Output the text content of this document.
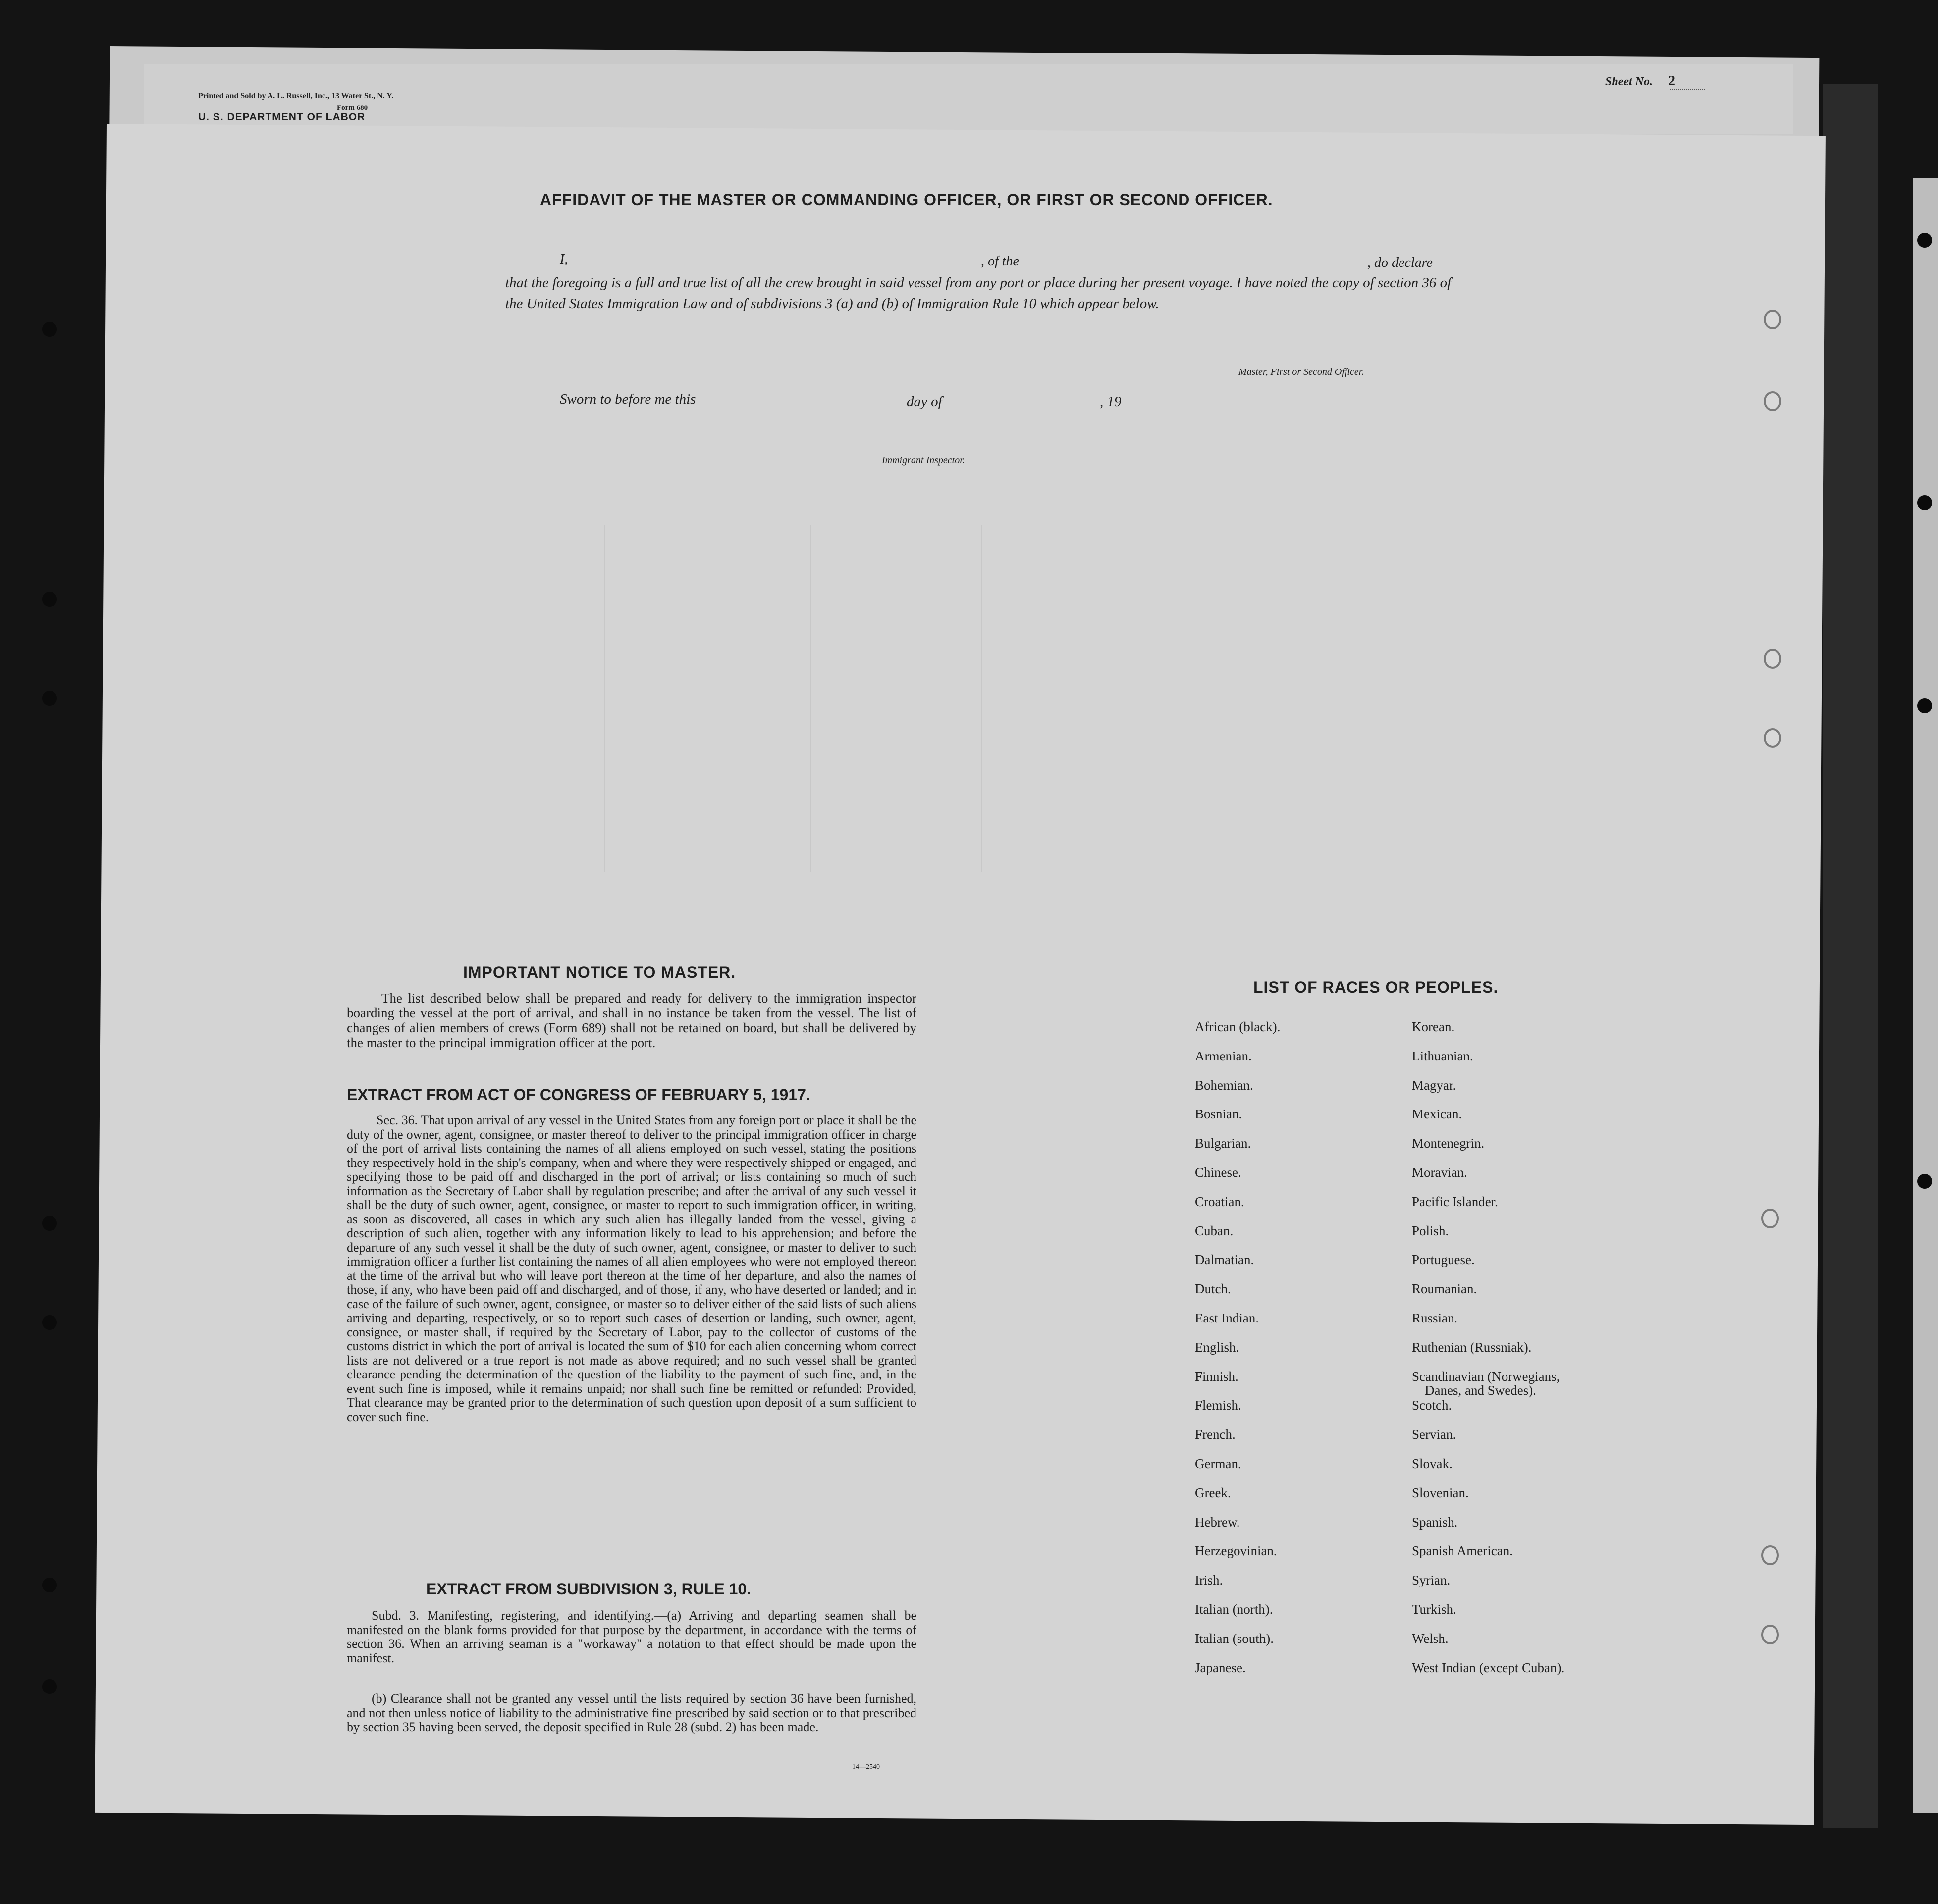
Printed and Sold by A. L. Russell, Inc., 13 Water St., N. Y.
Form 680
U. S. DEPARTMENT OF LABOR
Sheet No. 2
AFFIDAVIT OF THE MASTER OR COMMANDING OFFICER, OR FIRST OR SECOND OFFICER.
I,	, of the	, do declare
that the foregoing is a full and true list of all the crew brought in said vessel from any port or place during her present voyage. I have noted the copy of section 36 of the United States Immigration Law and of subdivisions 3 (a) and (b) of Immigration Rule 10 which appear below.
Master, First or Second Officer.
Sworn to before me this	day of	, 19
Immigrant Inspector.
IMPORTANT NOTICE TO MASTER.
The list described below shall be prepared and ready for delivery to the immigration inspector boarding the vessel at the port of arrival, and shall in no instance be taken from the vessel. The list of changes of alien members of crews (Form 689) shall not be retained on board, but shall be delivered by the master to the principal immigration officer at the port.
EXTRACT FROM ACT OF CONGRESS OF FEBRUARY 5, 1917.
Sec. 36. That upon arrival of any vessel in the United States from any foreign port or place it shall be the duty of the owner, agent, consignee, or master thereof to deliver to the principal immigration officer in charge of the port of arrival lists containing the names of all aliens employed on such vessel, stating the positions they respectively hold in the ship's company, when and where they were respectively shipped or engaged, and specifying those to be paid off and discharged in the port of arrival; or lists containing so much of such information as the Secretary of Labor shall by regulation prescribe; and after the arrival of any such vessel it shall be the duty of such owner, agent, consignee, or master to report to such immigration officer, in writing, as soon as discovered, all cases in which any such alien has illegally landed from the vessel, giving a description of such alien, together with any information likely to lead to his apprehension; and before the departure of any such vessel it shall be the duty of such owner, agent, consignee, or master to deliver to such immigration officer a further list containing the names of all alien employees who were not employed thereon at the time of the arrival but who will leave port thereon at the time of her departure, and also the names of those, if any, who have been paid off and discharged, and of those, if any, who have deserted or landed; and in case of the failure of such owner, agent, consignee, or master so to deliver either of the said lists of such aliens arriving and departing, respectively, or so to report such cases of desertion or landing, such owner, agent, consignee, or master shall, if required by the Secretary of Labor, pay to the collector of customs of the customs district in which the port of arrival is located the sum of $10 for each alien concerning whom correct lists are not delivered or a true report is not made as above required; and no such vessel shall be granted clearance pending the determination of the question of the liability to the payment of such fine, and, in the event such fine is imposed, while it remains unpaid; nor shall such fine be remitted or refunded: Provided, That clearance may be granted prior to the determination of such question upon deposit of a sum sufficient to cover such fine.
EXTRACT FROM SUBDIVISION 3, RULE 10.
Subd. 3. Manifesting, registering, and identifying.—(a) Arriving and departing seamen shall be manifested on the blank forms provided for that purpose by the department, in accordance with the terms of section 36. When an arriving seaman is a "workaway" a notation to that effect should be made upon the manifest.
(b) Clearance shall not be granted any vessel until the lists required by section 36 have been furnished, and not then unless notice of liability to the administrative fine prescribed by said section or to that prescribed by section 35 having been served, the deposit specified in Rule 28 (subd. 2) has been made.
14—2540
LIST OF RACES OR PEOPLES.
African (black).
Armenian.
Bohemian.
Bosnian.
Bulgarian.
Chinese.
Croatian.
Cuban.
Dalmatian.
Dutch.
East Indian.
English.
Finnish.
Flemish.
French.
German.
Greek.
Hebrew.
Herzegovinian.
Irish.
Italian (north).
Italian (south).
Japanese.
Korean.
Lithuanian.
Magyar.
Mexican.
Montenegrin.
Moravian.
Pacific Islander.
Polish.
Portuguese.
Roumanian.
Russian.
Ruthenian (Russniak).
Scandinavian (Norwegians,
Danes, and Swedes).
Scotch.
Servian.
Slovak.
Slovenian.
Spanish.
Spanish American.
Syrian.
Turkish.
Welsh.
West Indian (except Cuban).
